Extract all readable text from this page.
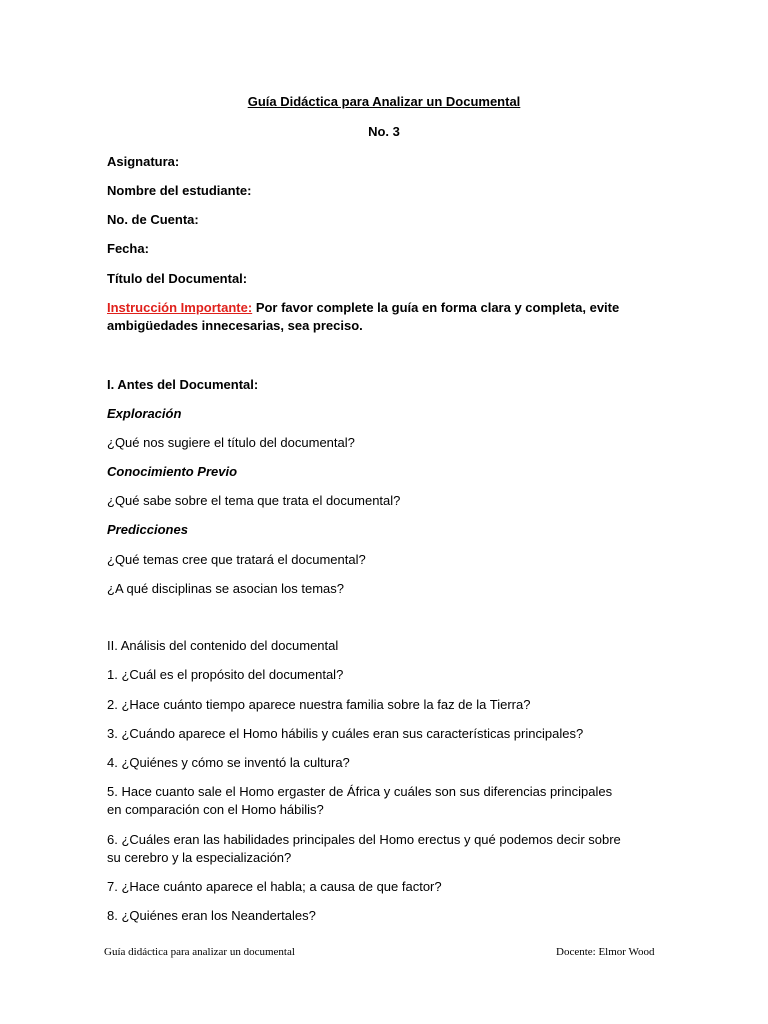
Guía Didáctica para Analizar un Documental
No. 3
Asignatura:
Nombre del estudiante:
No. de Cuenta:
Fecha:
Título del Documental:
Instrucción Importante: Por favor complete la guía en forma clara y completa, evite ambigüedades innecesarias, sea preciso.
I. Antes del Documental:
Exploración
¿Qué nos sugiere el título del documental?
Conocimiento Previo
¿Qué sabe sobre el tema que trata el documental?
Predicciones
¿Qué temas cree que tratará el documental?
¿A qué disciplinas se asocian los temas?
II. Análisis del contenido del documental
1. ¿Cuál es el propósito del documental?
2. ¿Hace cuánto tiempo aparece nuestra familia sobre la faz de la Tierra?
3. ¿Cuándo aparece el Homo hábilis y cuáles eran sus características principales?
4. ¿Quiénes y cómo se inventó la cultura?
5. Hace cuanto sale el Homo ergaster de África y cuáles son sus diferencias principales en comparación con el Homo hábilis?
6. ¿Cuáles eran las habilidades principales del Homo erectus y qué podemos decir sobre su cerebro y la especialización?
7. ¿Hace cuánto aparece el habla; a causa de que factor?
8. ¿Quiénes eran los Neandertales?
Guía didáctica para analizar un documental	Docente: Elmor Wood
